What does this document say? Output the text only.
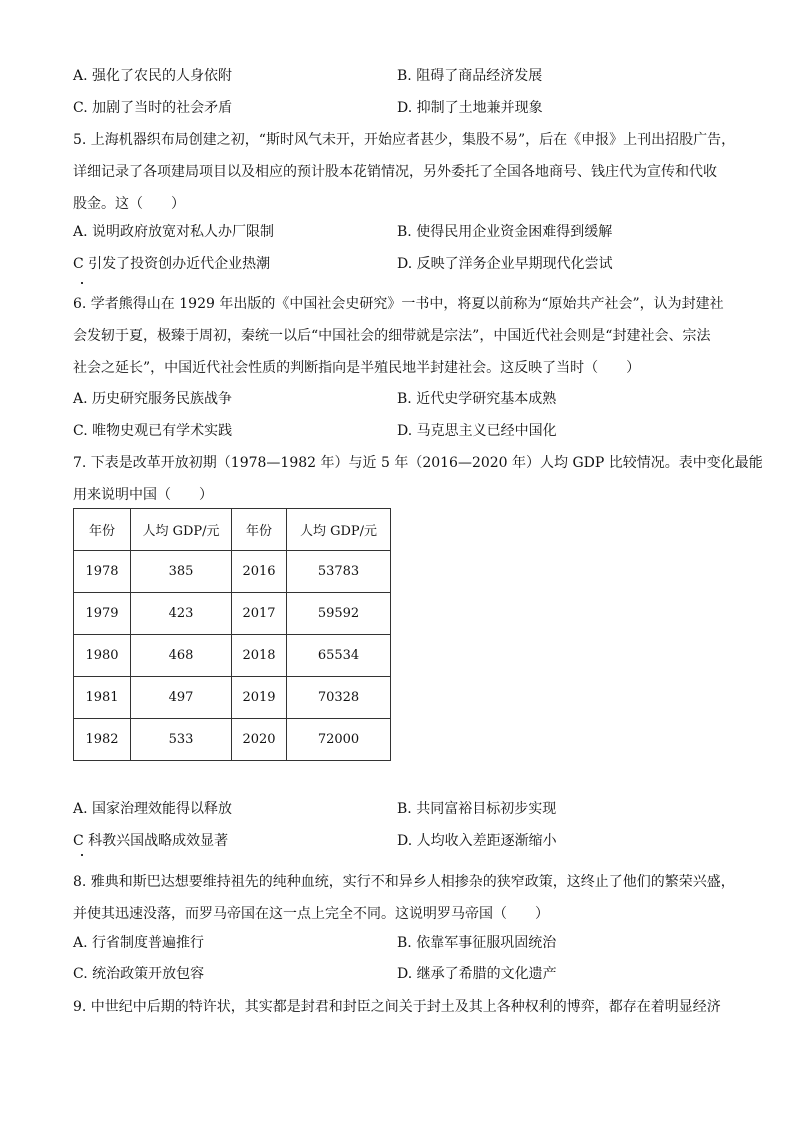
A. 强化了农民的人身依附	B. 阻碍了商品经济发展
C. 加剧了当时的社会矛盾	D. 抑制了土地兼并现象
5. 上海机器织布局创建之初，“斯时风气未开，开始应者甚少，集股不易”，后在《申报》上刊出招股广告，
详细记录了各项建局项目以及相应的预计股本花销情况，另外委托了全国各地商号、钱庄代为宣传和代收
股金。这（　　）
A. 说明政府放宽对私人办厂限制	B. 使得民用企业资金困难得到缓解
C 引发了投资创办近代企业热潮	D. 反映了洋务企业早期现代化尝试
6. 学者熊得山在 1929 年出版的《中国社会史研究》一书中，将夏以前称为“原始共产社会”，认为封建社
会发轫于夏，极臻于周初，秦统一以后“中国社会的细带就是宗法”，中国近代社会则是“封建社会、宗法
社会之延长”，中国近代社会性质的判断指向是半殖民地半封建社会。这反映了当时（　　）
A. 历史研究服务民族战争	B. 近代史学研究基本成熟
C. 唯物史观已有学术实践	D. 马克思主义已经中国化
7. 下表是改革开放初期（1978—1982 年）与近 5 年（2016—2020 年）人均 GDP 比较情况。表中变化最能
用来说明中国（　　）
年份	人均 GDP/元	年份	人均 GDP/元
1978	385	2016	53783
1979	423	2017	59592
1980	468	2018	65534
1981	497	2019	70328
1982	533	2020	72000
A. 国家治理效能得以释放	B. 共同富裕目标初步实现
C 科教兴国战略成效显著	D. 人均收入差距逐渐缩小
8. 雅典和斯巴达想要维持祖先的纯种血统，实行不和异乡人相掺杂的狭窄政策，这终止了他们的繁荣兴盛，
并使其迅速没落，而罗马帝国在这一点上完全不同。这说明罗马帝国（　　）
A. 行省制度普遍推行	B. 依靠军事征服巩固统治
C. 统治政策开放包容	D. 继承了希腊的文化遗产
9. 中世纪中后期的特许状，其实都是封君和封臣之间关于封土及其上各种权利的博弈，都存在着明显经济
